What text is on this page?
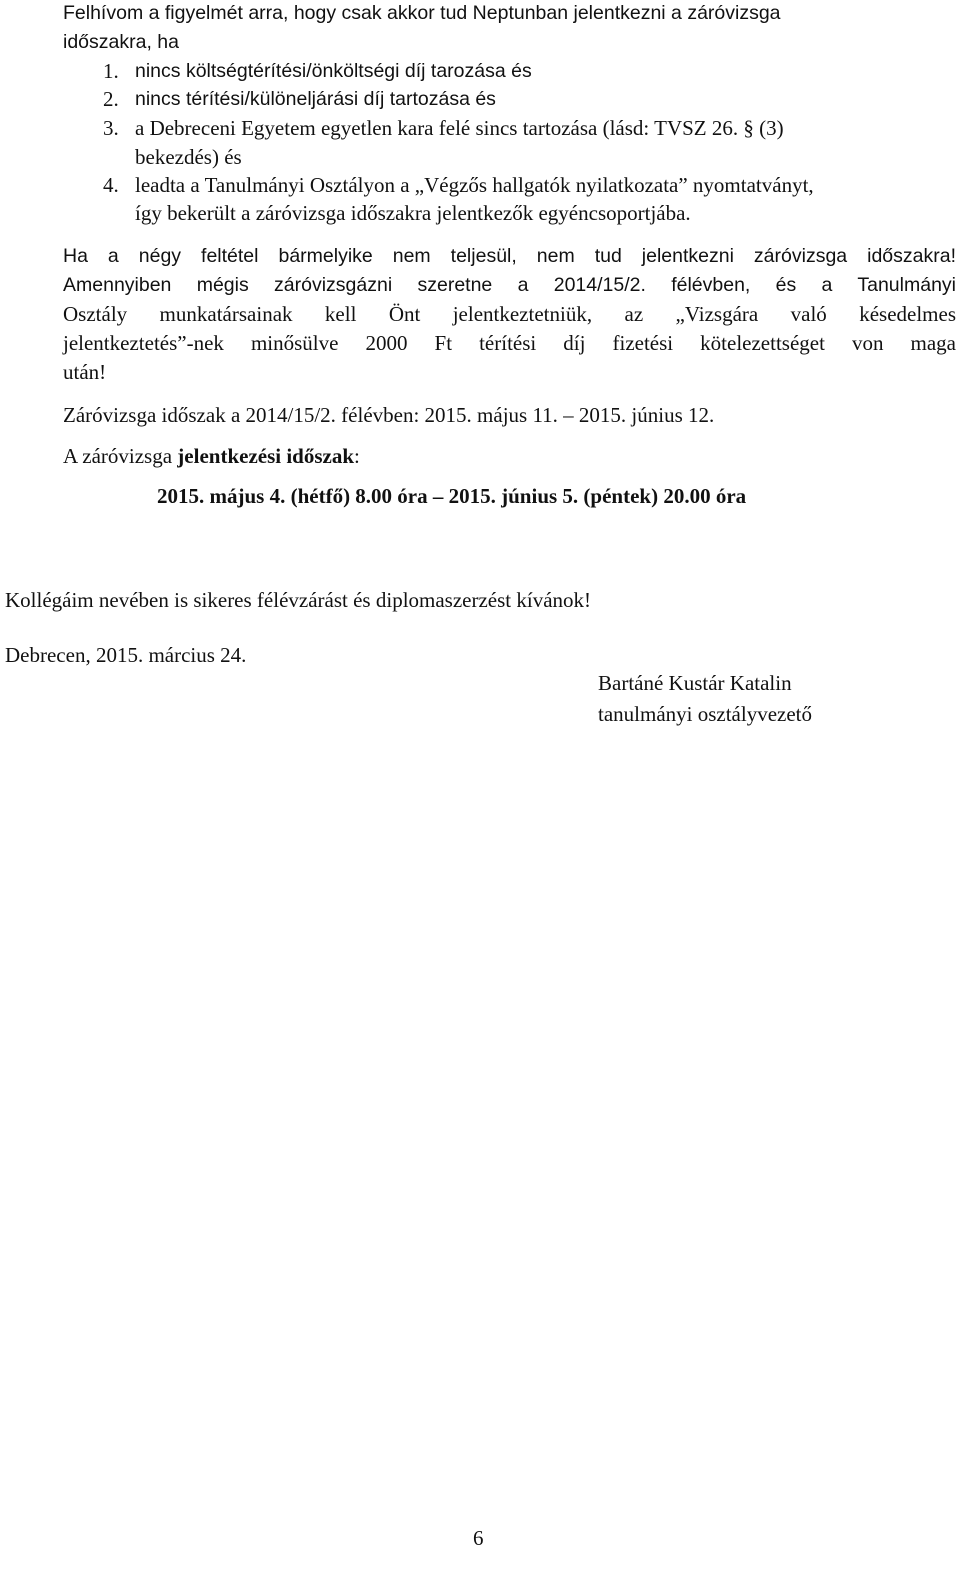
Felhívom a figyelmét arra, hogy csak akkor tud Neptunban jelentkezni a záróvizsga
időszakra, ha
1. nincs költségtérítési/önköltségi díj tarozása és
2. nincs térítési/különeljárási díj tartozása és
3. a Debreceni Egyetem egyetlen kara felé sincs tartozása (lásd: TVSZ 26. § (3)
bekezdés) és
4. leadta a Tanulmányi Osztályon a „Végzős hallgatók nyilatkozata” nyomtatványt,
így bekerült a záróvizsga időszakra jelentkezők egyéncsoportjába.
Ha a négy feltétel bármelyike nem teljesül, nem tud jelentkezni záróvizsga időszakra!
Amennyiben mégis záróvizsgázni szeretne a 2014/15/2. félévben, és a Tanulmányi
Osztály munkatársainak kell Önt jelentkeztetniük, az „Vizsgára való késedelmes
jelentkeztetés”-nek minősülve 2000 Ft térítési díj fizetési kötelezettséget von maga
után!
Záróvizsga időszak a 2014/15/2. félévben: 2015. május 11. – 2015. június 12.
A záróvizsga jelentkezési időszak:
2015. május 4. (hétfő) 8.00 óra – 2015. június 5. (péntek) 20.00 óra
Kollégáim nevében is sikeres félévzárást és diplomaszerzést kívánok!
Debrecen, 2015. március 24.
Bartáné Kustár Katalin
tanulmányi osztályvezető
6
